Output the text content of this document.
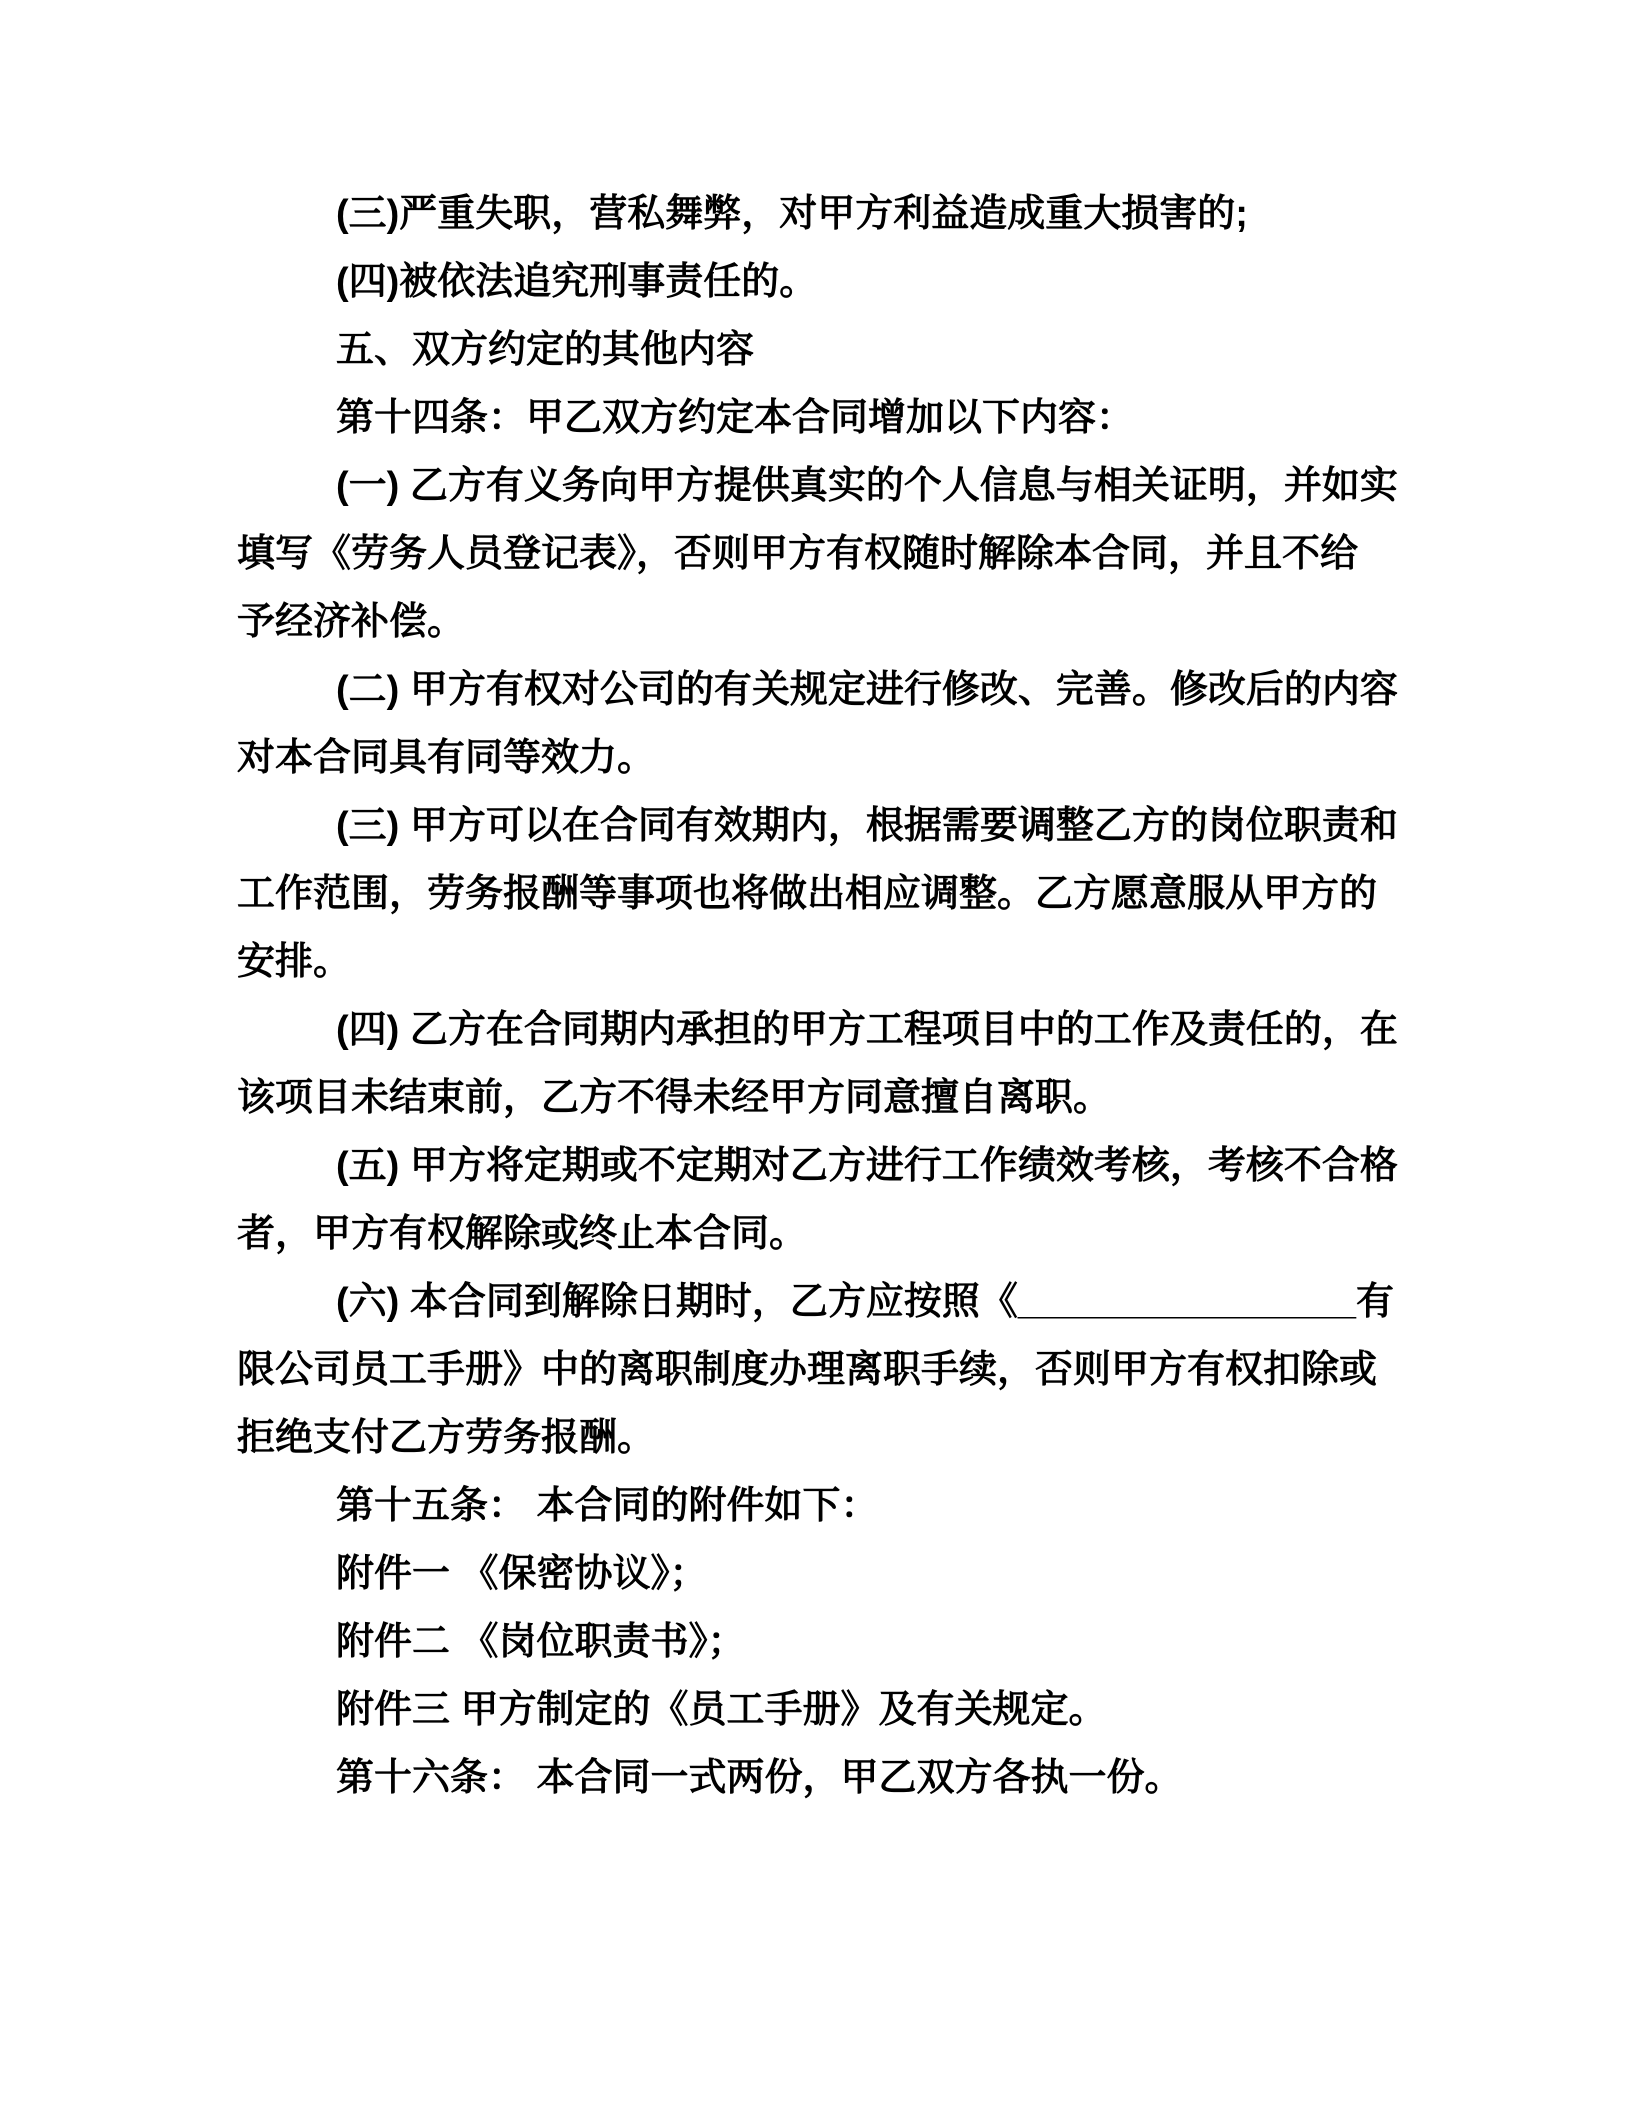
(三)严重失职，营私舞弊，对甲方利益造成重大损害的;
(四)被依法追究刑事责任的。
五、双方约定的其他内容
第十四条：甲乙双方约定本合同增加以下内容：
(一) 乙方有义务向甲方提供真实的个人信息与相关证明，并如实
填写《劳务人员登记表》，否则甲方有权随时解除本合同，并且不给
予经济补偿。
(二) 甲方有权对公司的有关规定进行修改、完善。修改后的内容
对本合同具有同等效力。
(三) 甲方可以在合同有效期内，根据需要调整乙方的岗位职责和
工作范围，劳务报酬等事项也将做出相应调整。乙方愿意服从甲方的
安排。
(四) 乙方在合同期内承担的甲方工程项目中的工作及责任的，在
该项目未结束前，乙方不得未经甲方同意擅自离职。
(五) 甲方将定期或不定期对乙方进行工作绩效考核，考核不合格
者，甲方有权解除或终止本合同。
(六) 本合同到解除日期时，乙方应按照《________________有
限公司员工手册》中的离职制度办理离职手续，否则甲方有权扣除或
拒绝支付乙方劳务报酬。
第十五条： 本合同的附件如下：
附件一 《保密协议》；
附件二 《岗位职责书》；
附件三 甲方制定的《员工手册》及有关规定。
第十六条： 本合同一式两份，甲乙双方各执一份。
